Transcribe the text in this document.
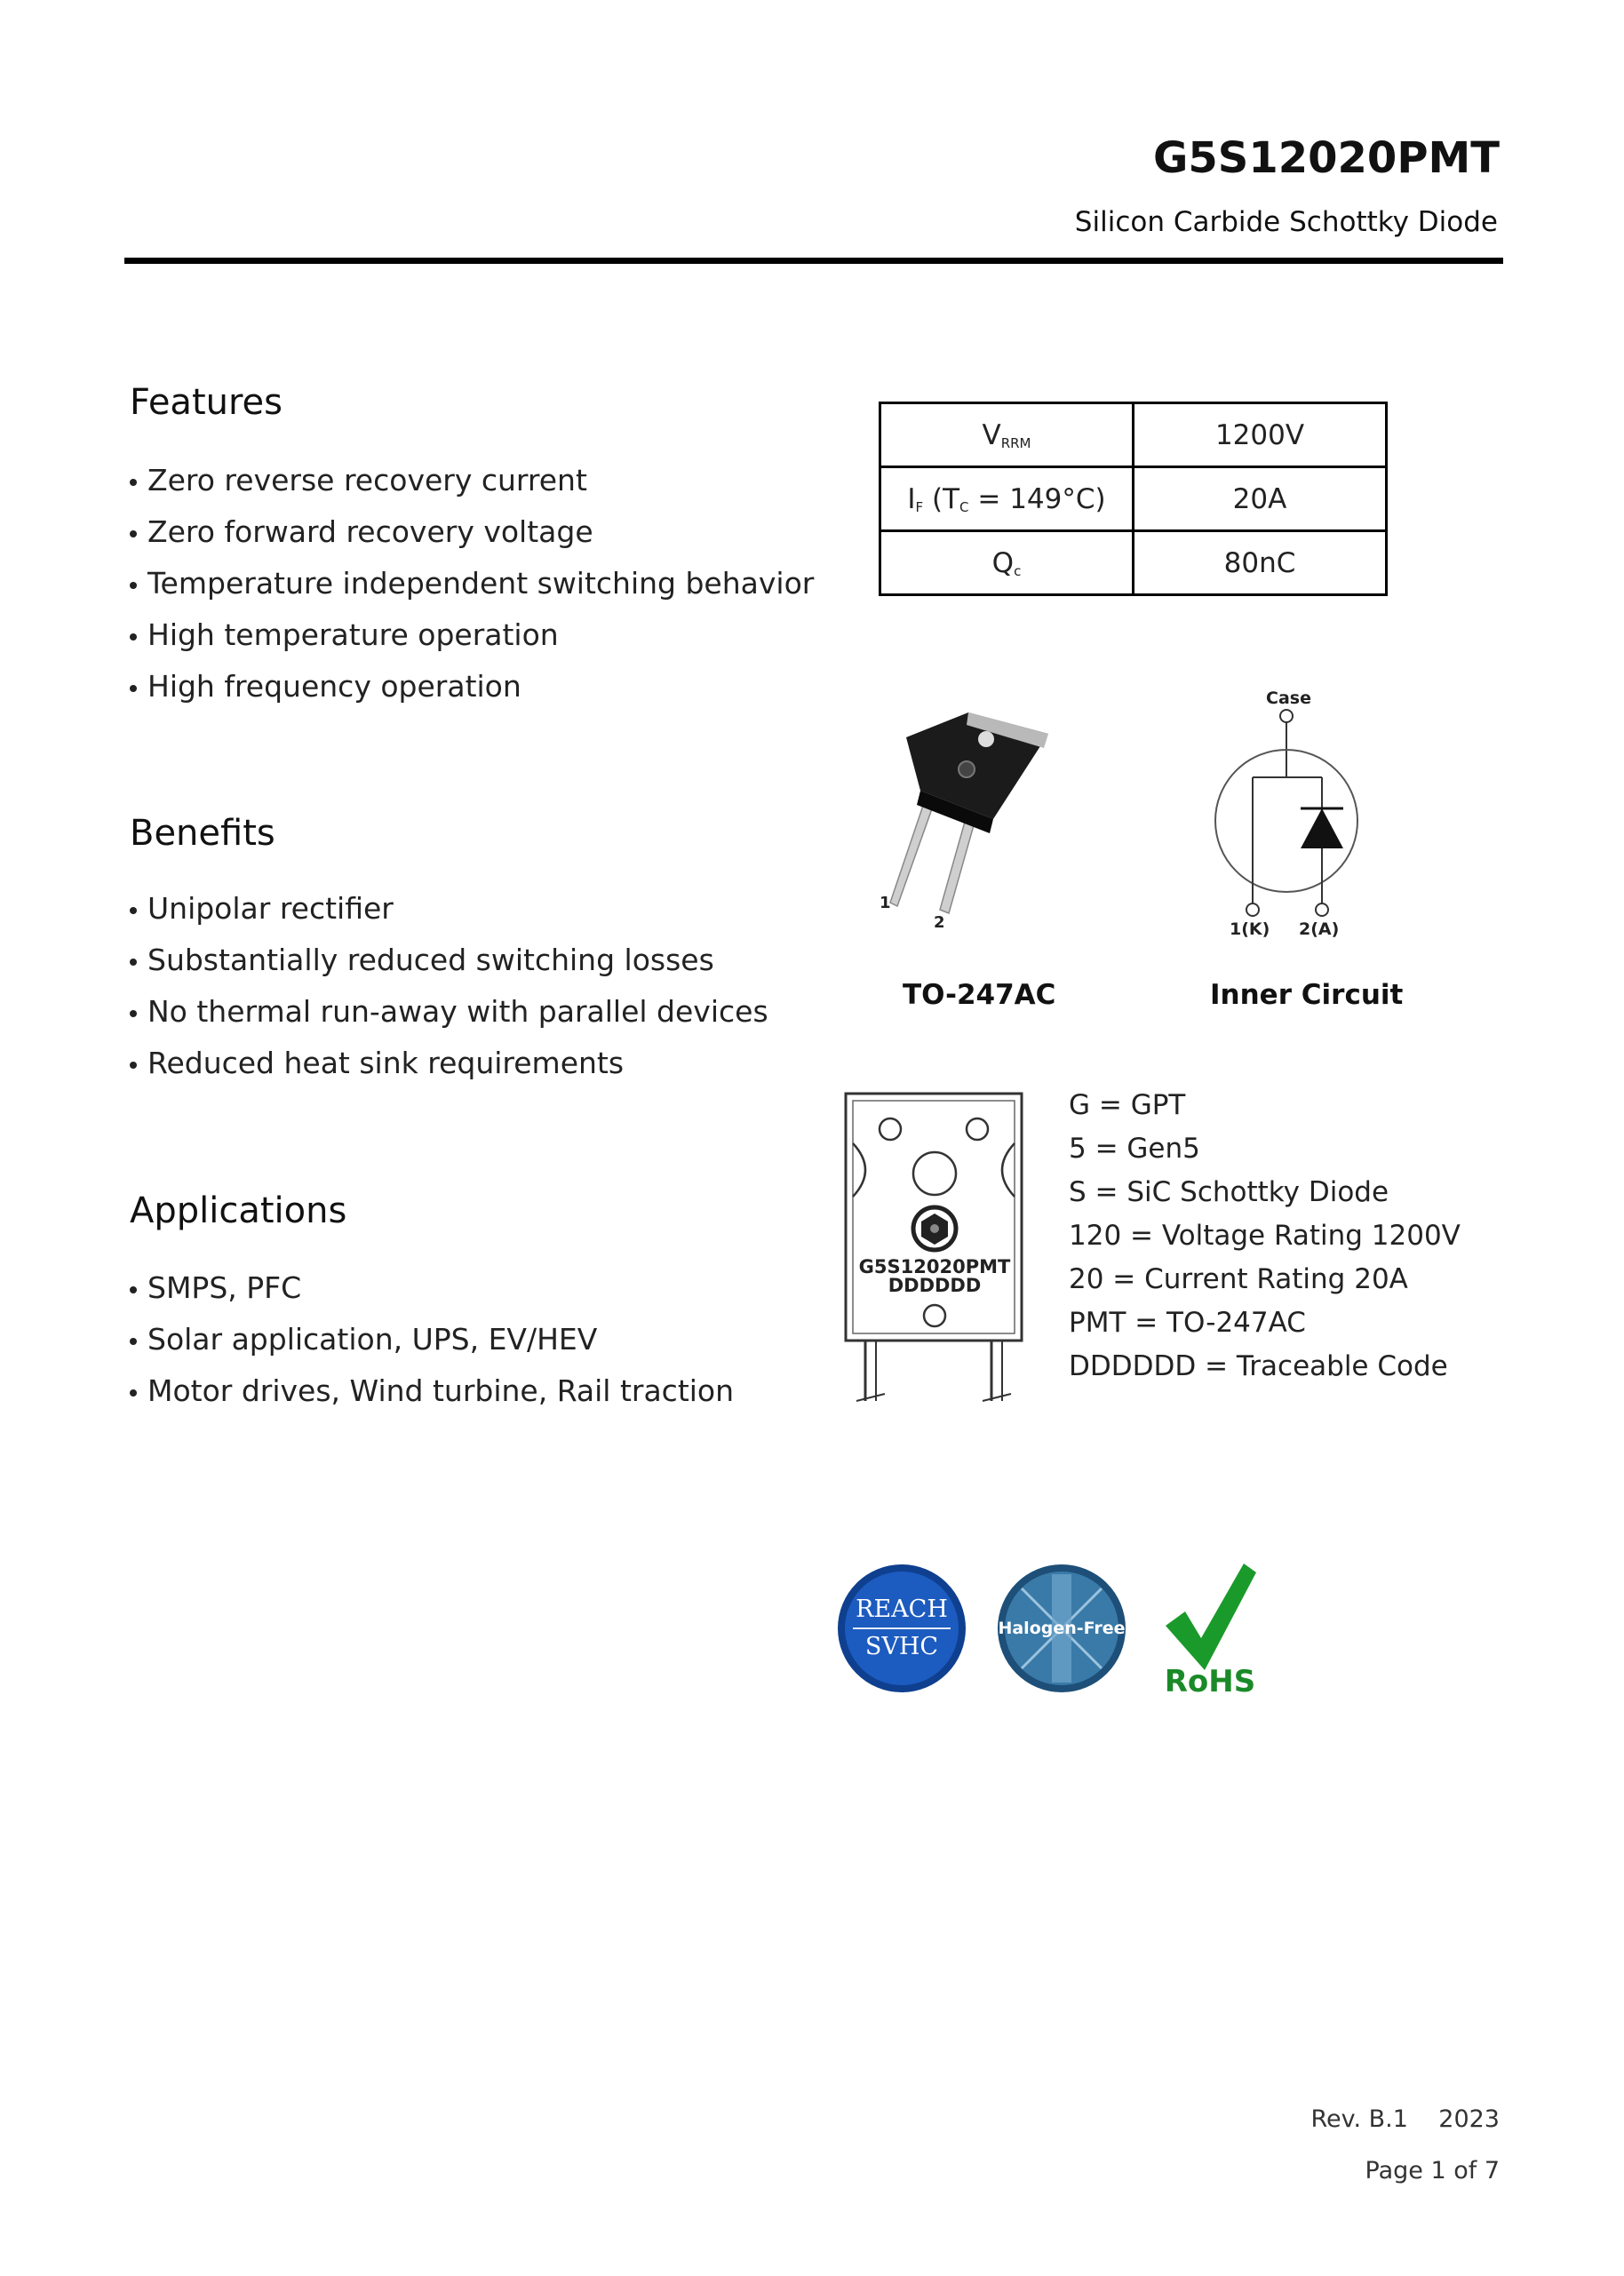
G5S12020PMT
Silicon Carbide Schottky Diode
Features
Zero reverse recovery current
Zero forward recovery voltage
Temperature independent switching behavior
High temperature operation
High frequency operation
Benefits
Unipolar rectifier
Substantially reduced switching losses
No thermal run-away with parallel devices
Reduced heat sink requirements
Applications
SMPS, PFC
Solar application, UPS, EV/HEV
Motor drives, Wind turbine, Rail traction
$V_{RRM}$	1200V
$I_F$ $(T_C = 149^\circ C)$	20A
$Q_c$	80nC
1
2
TO-247AC
Case
1(K) 2(A)
Inner Circuit
G5S12020PMT
DDDDDD
G = GPT
5 = Gen5
S = SiC Schottky Diode
120 = Voltage Rating 1200V
20 = Current Rating 20A
PMT = TO-247AC
DDDDDD = Traceable Code
REACH
SVHC
Halogen-Free
RoHS
Rev. B.1    2023
Page 1 of 7
